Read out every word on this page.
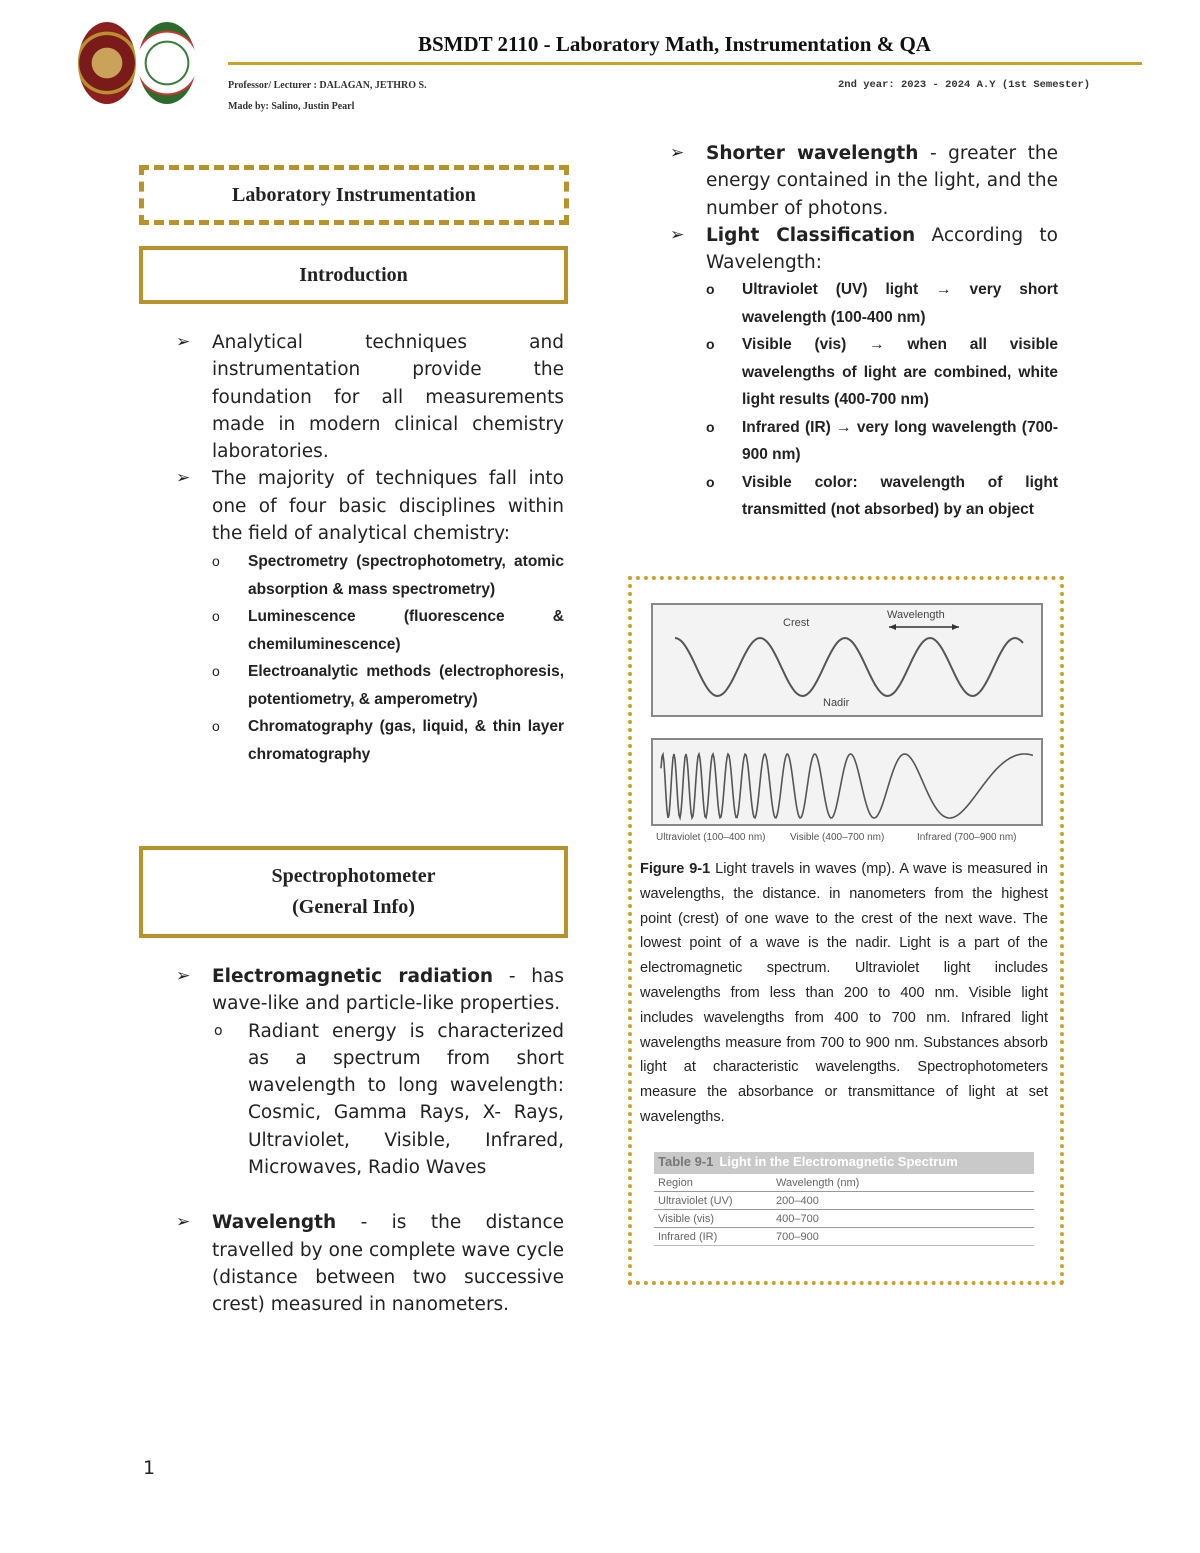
BSMDT 2110 - Laboratory Math, Instrumentation & QA
Professor/ Lecturer : DALAGAN, JETHRO S.
Made by: Salino, Justin Pearl
2nd year: 2023 - 2024 A.Y (1st Semester)
Laboratory Instrumentation
Introduction
➢ Analytical techniques and instrumentation provide the foundation for all measurements made in modern clinical chemistry laboratories.
➢ The majority of techniques fall into one of four basic disciplines within the field of analytical chemistry:
o Spectrometry (spectrophotometry, atomic absorption & mass spectrometry)
o Luminescence (fluorescence & chemiluminescence)
o Electroanalytic methods (electrophoresis, potentiometry, & amperometry)
o Chromatography (gas, liquid, & thin layer chromatography
Spectrophotometer
(General Info)
➢ Electromagnetic radiation - has wave-like and particle-like properties.
o Radiant energy is characterized as a spectrum from short wavelength to long wavelength: Cosmic, Gamma Rays, X- Rays, Ultraviolet, Visible, Infrared, Microwaves, Radio Waves
➢ Wavelength - is the distance travelled by one complete wave cycle (distance between two successive crest) measured in nanometers.
➢ Shorter wavelength - greater the energy contained in the light, and the number of photons.
➢ Light Classification According to Wavelength:
o Ultraviolet (UV) light → very short wavelength (100-400 nm)
o Visible (vis) → when all visible wavelengths of light are combined, white light results (400-700 nm)
o Infrared (IR) → very long wavelength (700-900 nm)
o Visible color: wavelength of light transmitted (not absorbed) by an object
Crest
Wavelength
Nadir
Ultraviolet (100–400 nm) Visible (400–700 nm)	Infrared (700–900 nm)
Figure 9-1 Light travels in waves (mp). A wave is measured in wavelengths, the distance. in nanometers from the highest point (crest) of one wave to the crest of the next wave. The lowest point of a wave is the nadir. Light is a part of the electromagnetic spectrum. Ultraviolet light includes wavelengths from less than 200 to 400 nm. Visible light includes wavelengths from 400 to 700 nm. Infrared light wavelengths measure from 700 to 900 nm. Substances absorb light at characteristic wavelengths. Spectrophotometers measure the absorbance or transmittance of light at set wavelengths.
Table 9-1 Light in the Electromagnetic Spectrum
Region	Wavelength (nm)
Ultraviolet (UV)	200–400
Visible (vis)	400–700
Infrared (IR)	700–900
1
